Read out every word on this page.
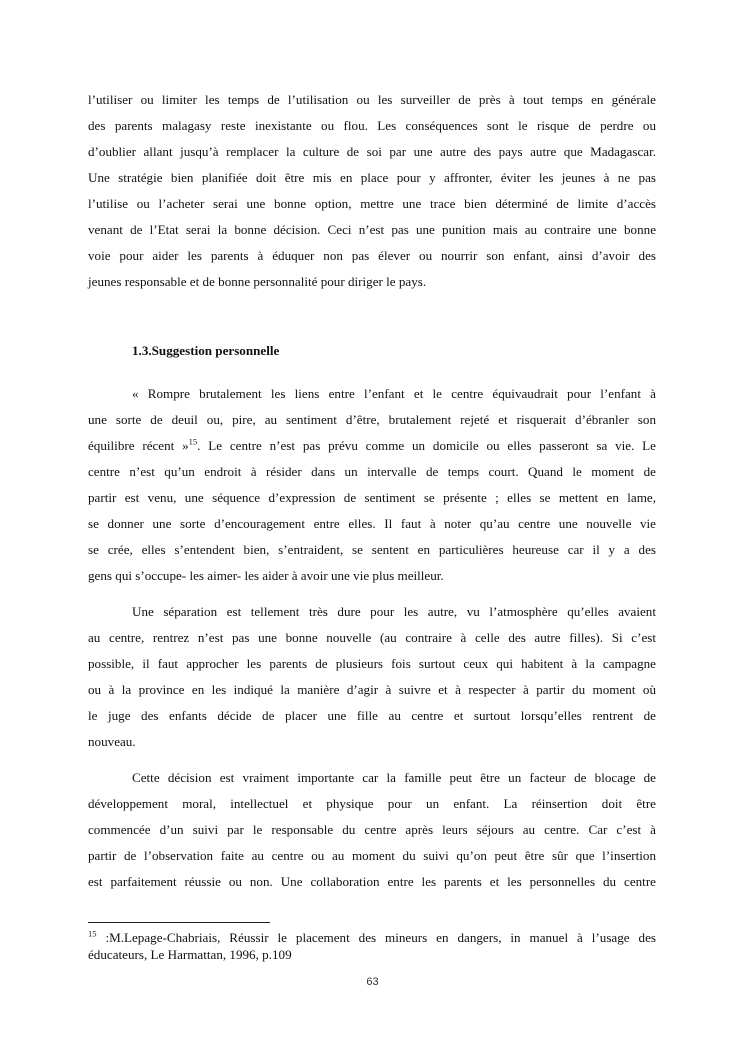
l’utiliser ou limiter les temps de l’utilisation ou les surveiller de près à tout temps en générale
des parents malagasy reste inexistante ou flou. Les conséquences sont le risque de perdre ou
d’oublier allant jusqu’à remplacer la culture de soi par une autre des pays autre que Madagascar.
Une stratégie bien planifiée doit être mis en place pour y affronter, éviter les jeunes à ne pas
l’utilise ou l’acheter serai une bonne option, mettre une trace bien déterminé de limite d’accès
venant de l’Etat serai la bonne décision. Ceci n’est pas une punition mais au contraire une bonne
voie pour aider les parents à éduquer non pas élever ou nourrir son enfant, ainsi d’avoir des
jeunes responsable et de bonne personnalité pour diriger le pays.
1.3.Suggestion personnelle
« Rompre brutalement les liens entre l’enfant et le centre équivaudrait pour l’enfant à
une sorte de deuil ou, pire, au sentiment d’être, brutalement rejeté et risquerait d’ébranler son
équilibre récent »$^{15}$. Le centre n’est pas prévu comme un domicile ou elles passeront sa vie. Le
centre n’est qu’un endroit à résider dans un intervalle de temps court. Quand le moment de
partir est venu, une séquence d’expression de sentiment se présente ; elles se mettent en lame,
se donner une sorte d’encouragement entre elles. Il faut à noter qu’au centre une nouvelle vie
se crée, elles s’entendent bien, s’entraident, se sentent en particulières heureuse car il y a des
gens qui s’occupe- les aimer- les aider à avoir une vie plus meilleur.
Une séparation est tellement très dure pour les autre, vu l’atmosphère qu’elles avaient
au centre, rentrez n’est pas une bonne nouvelle (au contraire à celle des autre filles). Si c’est
possible, il faut approcher les parents de plusieurs fois surtout ceux qui habitent à la campagne
ou à la province en les indiqué la manière d’agir à suivre et à respecter à partir du moment où
le juge des enfants décide de placer une fille au centre et surtout lorsqu’elles rentrent de
nouveau.
Cette décision est vraiment importante car la famille peut être un facteur de blocage de
développement moral, intellectuel et physique pour un enfant. La réinsertion doit être
commencée d’un suivi par le responsable du centre après leurs séjours au centre. Car c’est à
partir de l’observation faite au centre ou au moment du suivi qu’on peut être sûr que l’insertion
est parfaitement réussie ou non. Une collaboration entre les parents et les personnelles du centre
$^{15}$ :M.Lepage-Chabriais, Réussir le placement des mineurs en dangers, in manuel à l’usage des
éducateurs, Le Harmattan, 1996, p.109
63
